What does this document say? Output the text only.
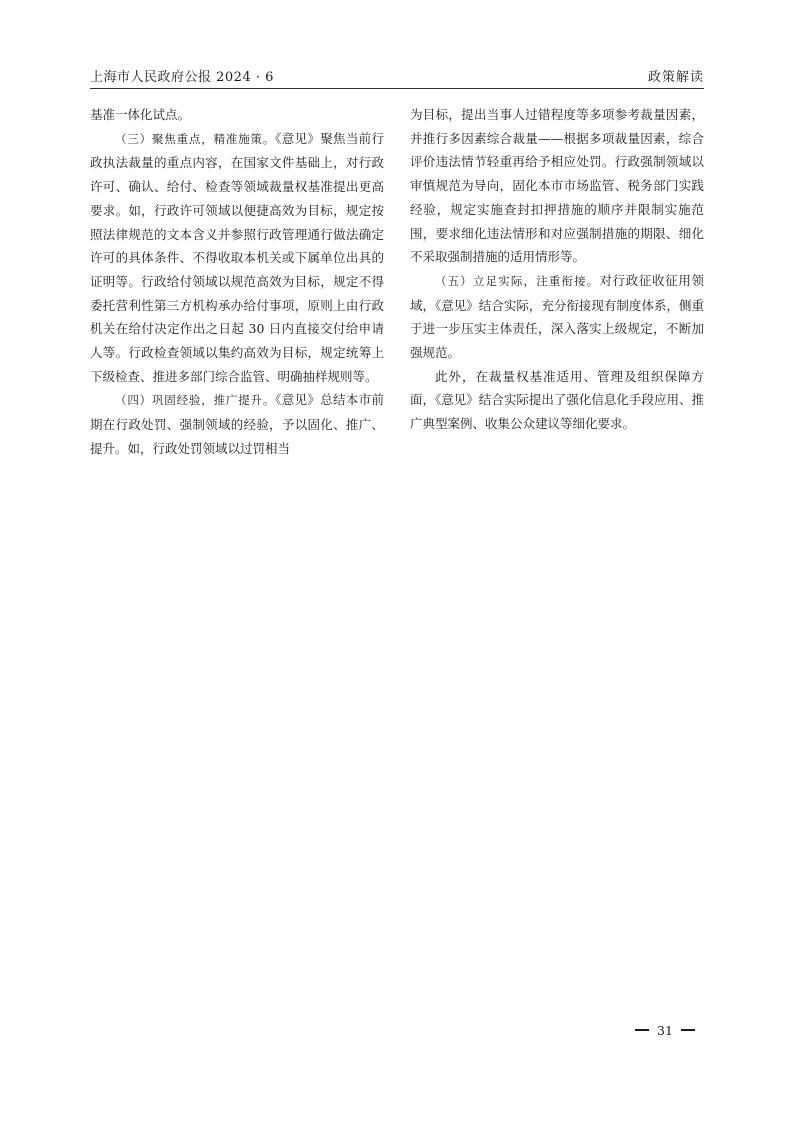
上海市人民政府公报 2024 · 6	政策解读

基准一体化试点。

（三）聚焦重点，精准施策。《意见》聚焦当前行政执法裁量的重点内容，在国家文件基础上，对行政许可、确认、给付、检查等领域裁量权基准提出更高要求。如，行政许可领域以便捷高效为目标，规定按照法律规范的文本含义并参照行政管理通行做法确定许可的具体条件、不得收取本机关或下属单位出具的证明等。行政给付领域以规范高效为目标，规定不得委托营利性第三方机构承办给付事项，原则上由行政机关在给付决定作出之日起 30 日内直接交付给申请人等。行政检查领域以集约高效为目标，规定统筹上下级检查、推进多部门综合监管、明确抽样规则等。

（四）巩固经验，推广提升。《意见》总结本市前期在行政处罚、强制领域的经验，予以固化、推广、提升。如，行政处罚领域以过罚相当

为目标，提出当事人过错程度等多项参考裁量因素，并推行多因素综合裁量——根据多项裁量因素，综合评价违法情节轻重再给予相应处罚。行政强制领域以审慎规范为导向，固化本市市场监管、税务部门实践经验，规定实施查封扣押措施的顺序并限制实施范围，要求细化违法情形和对应强制措施的期限、细化不采取强制措施的适用情形等。

（五）立足实际，注重衔接。对行政征收征用领域，《意见》结合实际，充分衔接现有制度体系，侧重于进一步压实主体责任，深入落实上级规定，不断加强规范。

此外，在裁量权基准适用、管理及组织保障方面，《意见》结合实际提出了强化信息化手段应用、推广典型案例、收集公众建议等细化要求。

31
